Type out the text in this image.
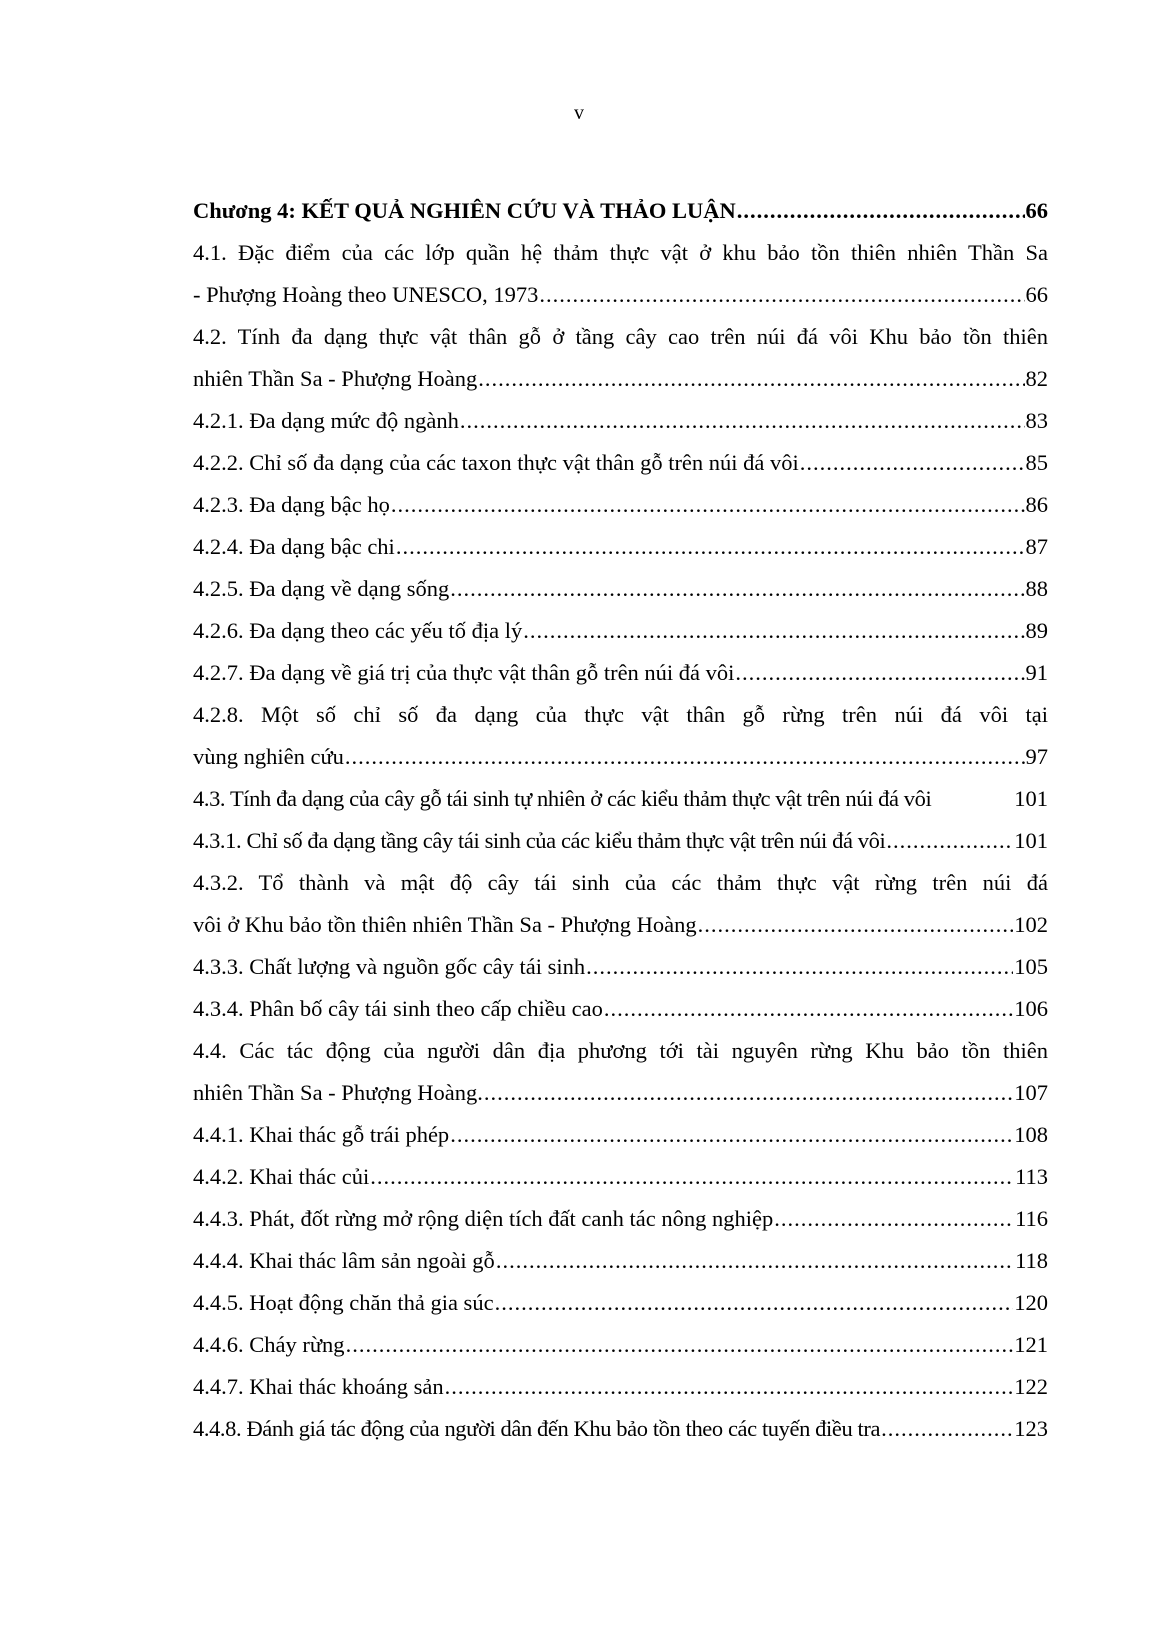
v
Chương 4: KẾT QUẢ NGHIÊN CỨU VÀ THẢO LUẬN .....	66
4.1. Đặc điểm của các lớp quần hệ thảm thực vật ở khu bảo tồn thiên nhiên Thần Sa
- Phượng Hoàng theo UNESCO, 1973 .....	66
4.2. Tính đa dạng thực vật thân gỗ ở tầng cây cao trên núi đá vôi Khu bảo tồn thiên
nhiên Thần Sa - Phượng Hoàng .....	82
4.2.1. Đa dạng mức độ ngành .....	83
4.2.2. Chỉ số đa dạng của các taxon thực vật thân gỗ trên núi đá vôi .....	85
4.2.3. Đa dạng bậc họ .....	86
4.2.4. Đa dạng bậc chi .....	87
4.2.5. Đa dạng về dạng sống .....	88
4.2.6. Đa dạng theo các yếu tố địa lý .....	89
4.2.7. Đa dạng về giá trị của thực vật thân gỗ trên núi đá vôi .....	91
4.2.8. Một số chỉ số đa dạng của thực vật thân gỗ rừng trên núi đá vôi tại
vùng nghiên cứu .....	97
4.3. Tính đa dạng của cây gỗ tái sinh tự nhiên ở các kiểu thảm thực vật trên núi đá vôi	101
4.3.1. Chỉ số đa dạng tầng cây tái sinh của các kiểu thảm thực vật trên núi đá vôi .....	101
4.3.2. Tổ thành và mật độ cây tái sinh của các thảm thực vật rừng trên núi đá
vôi ở Khu bảo tồn thiên nhiên Thần Sa - Phượng Hoàng .....	102
4.3.3. Chất lượng và nguồn gốc cây tái sinh .....	105
4.3.4. Phân bố cây tái sinh theo cấp chiều cao .....	106
4.4. Các tác động của người dân địa phương tới tài nguyên rừng Khu bảo tồn thiên
nhiên Thần Sa - Phượng Hoàng. .....	107
4.4.1. Khai thác gỗ trái phép .....	108
4.4.2. Khai thác củi .....	113
4.4.3. Phát, đốt rừng mở rộng diện tích đất canh tác nông nghiệp .....	116
4.4.4. Khai thác lâm sản ngoài gỗ .....	118
4.4.5. Hoạt động chăn thả gia súc .....	120
4.4.6. Cháy rừng .....	121
4.4.7. Khai thác khoáng sản .....	122
4.4.8. Đánh giá tác động của người dân đến Khu bảo tồn theo các tuyến điều tra .....	123
